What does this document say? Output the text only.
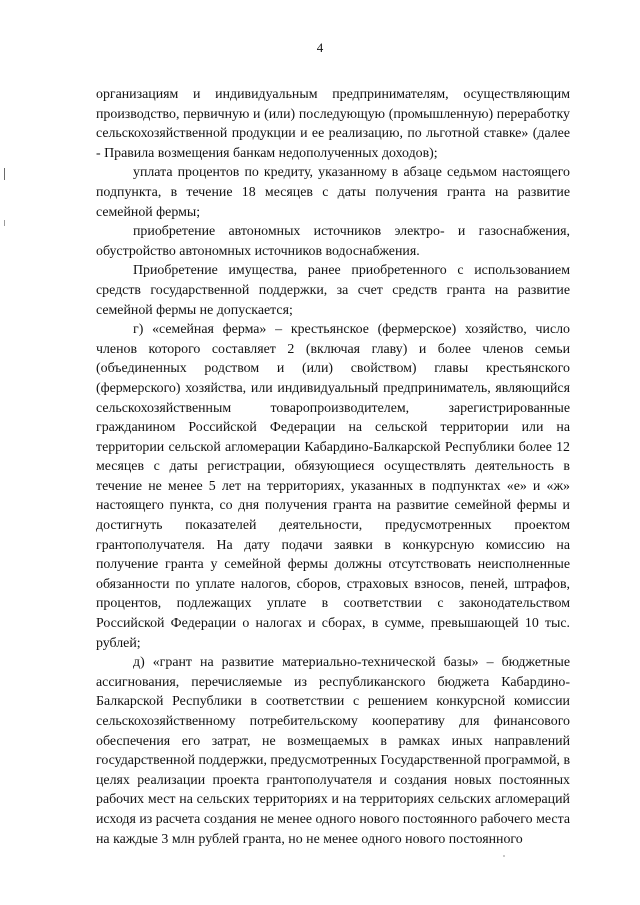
4

организациям и индивидуальным предпринимателям, осуществляющим производство, первичную и (или) последующую (промышленную) переработку сельскохозяйственной продукции и ее реализацию, по льготной ставке» (далее - Правила возмещения банкам недополученных доходов);

уплата процентов по кредиту, указанному в абзаце седьмом настоящего подпункта, в течение 18 месяцев с даты получения гранта на развитие семейной фермы;

приобретение автономных источников электро- и газоснабжения, обустройство автономных источников водоснабжения.

Приобретение имущества, ранее приобретенного с использованием средств государственной поддержки, за счет средств гранта на развитие семейной фермы не допускается;

г) «семейная ферма» – крестьянское (фермерское) хозяйство, число членов которого составляет 2 (включая главу) и более членов семьи (объединенных родством и (или) свойством) главы крестьянского (фермерского) хозяйства, или индивидуальный предприниматель, являющийся сельскохозяйственным товаропроизводителем, зарегистрированные гражданином Российской Федерации на сельской территории или на территории сельской агломерации Кабардино-Балкарской Республики более 12 месяцев с даты регистрации, обязующиеся осуществлять деятельность в течение не менее 5 лет на территориях, указанных в подпунктах «е» и «ж» настоящего пункта, со дня получения гранта на развитие семейной фермы и достигнуть показателей деятельности, предусмотренных проектом грантополучателя. На дату подачи заявки в конкурсную комиссию на получение гранта у семейной фермы должны отсутствовать неисполненные обязанности по уплате налогов, сборов, страховых взносов, пеней, штрафов, процентов, подлежащих уплате в соответствии с законодательством Российской Федерации о налогах и сборах, в сумме, превышающей 10 тыс. рублей;

д) «грант на развитие материально-технической базы» – бюджетные ассигнования, перечисляемые из республиканского бюджета Кабардино-Балкарской Республики в соответствии с решением конкурсной комиссии сельскохозяйственному потребительскому кооперативу для финансового обеспечения его затрат, не возмещаемых в рамках иных направлений государственной поддержки, предусмотренных Государственной программой, в целях реализации проекта грантополучателя и создания новых постоянных рабочих мест на сельских территориях и на территориях сельских агломераций исходя из расчета создания не менее одного нового постоянного рабочего места на каждые 3 млн рублей гранта, но не менее одного нового постоянного
